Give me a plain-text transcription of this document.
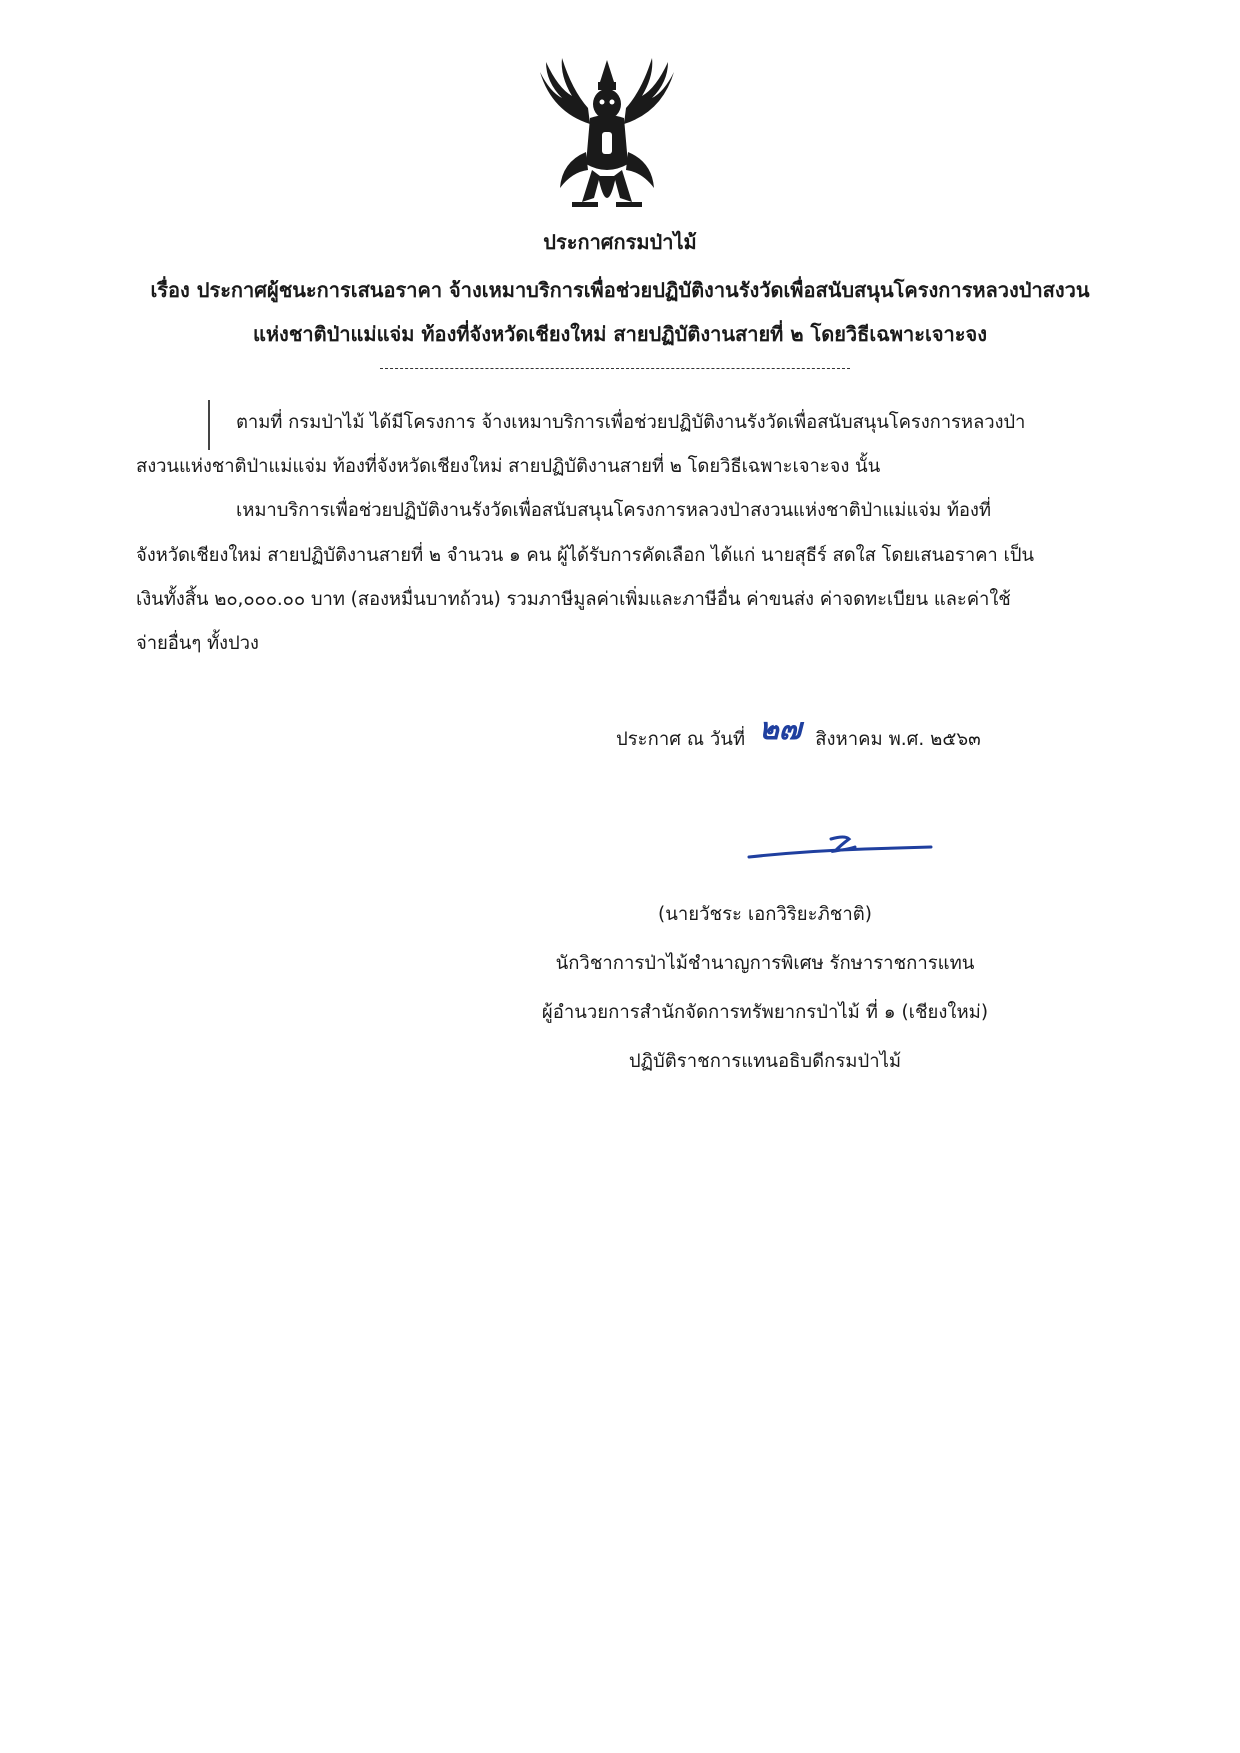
ประกาศกรมป่าไม้
เรื่อง ประกาศผู้ชนะการเสนอราคา จ้างเหมาบริการเพื่อช่วยปฏิบัติงานรังวัดเพื่อสนับสนุนโครงการหลวงป่าสงวน
แห่งชาติป่าแม่แจ่ม ท้องที่จังหวัดเชียงใหม่ สายปฏิบัติงานสายที่ ๒ โดยวิธีเฉพาะเจาะจง
ตามที่ กรมป่าไม้ ได้มีโครงการ จ้างเหมาบริการเพื่อช่วยปฏิบัติงานรังวัดเพื่อสนับสนุนโครงการหลวงป่า
สงวนแห่งชาติป่าแม่แจ่ม ท้องที่จังหวัดเชียงใหม่ สายปฏิบัติงานสายที่ ๒ โดยวิธีเฉพาะเจาะจง นั้น
เหมาบริการเพื่อช่วยปฏิบัติงานรังวัดเพื่อสนับสนุนโครงการหลวงป่าสงวนแห่งชาติป่าแม่แจ่ม ท้องที่
จังหวัดเชียงใหม่ สายปฏิบัติงานสายที่ ๒ จำนวน ๑ คน ผู้ได้รับการคัดเลือก ได้แก่ นายสุธีร์ สดใส โดยเสนอราคา เป็น
เงินทั้งสิ้น ๒๐,๐๐๐.๐๐ บาท (สองหมื่นบาทถ้วน) รวมภาษีมูลค่าเพิ่มและภาษีอื่น ค่าขนส่ง ค่าจดทะเบียน และค่าใช้
จ่ายอื่นๆ ทั้งปวง
ประกาศ ณ วันที่ ๒๗ สิงหาคม พ.ศ. ๒๕๖๓
(นายวัชระ เอกวิริยะภิชาติ)
นักวิชาการป่าไม้ชำนาญการพิเศษ รักษาราชการแทน
ผู้อำนวยการสำนักจัดการทรัพยากรป่าไม้ ที่ ๑ (เชียงใหม่)
ปฏิบัติราชการแทนอธิบดีกรมป่าไม้
